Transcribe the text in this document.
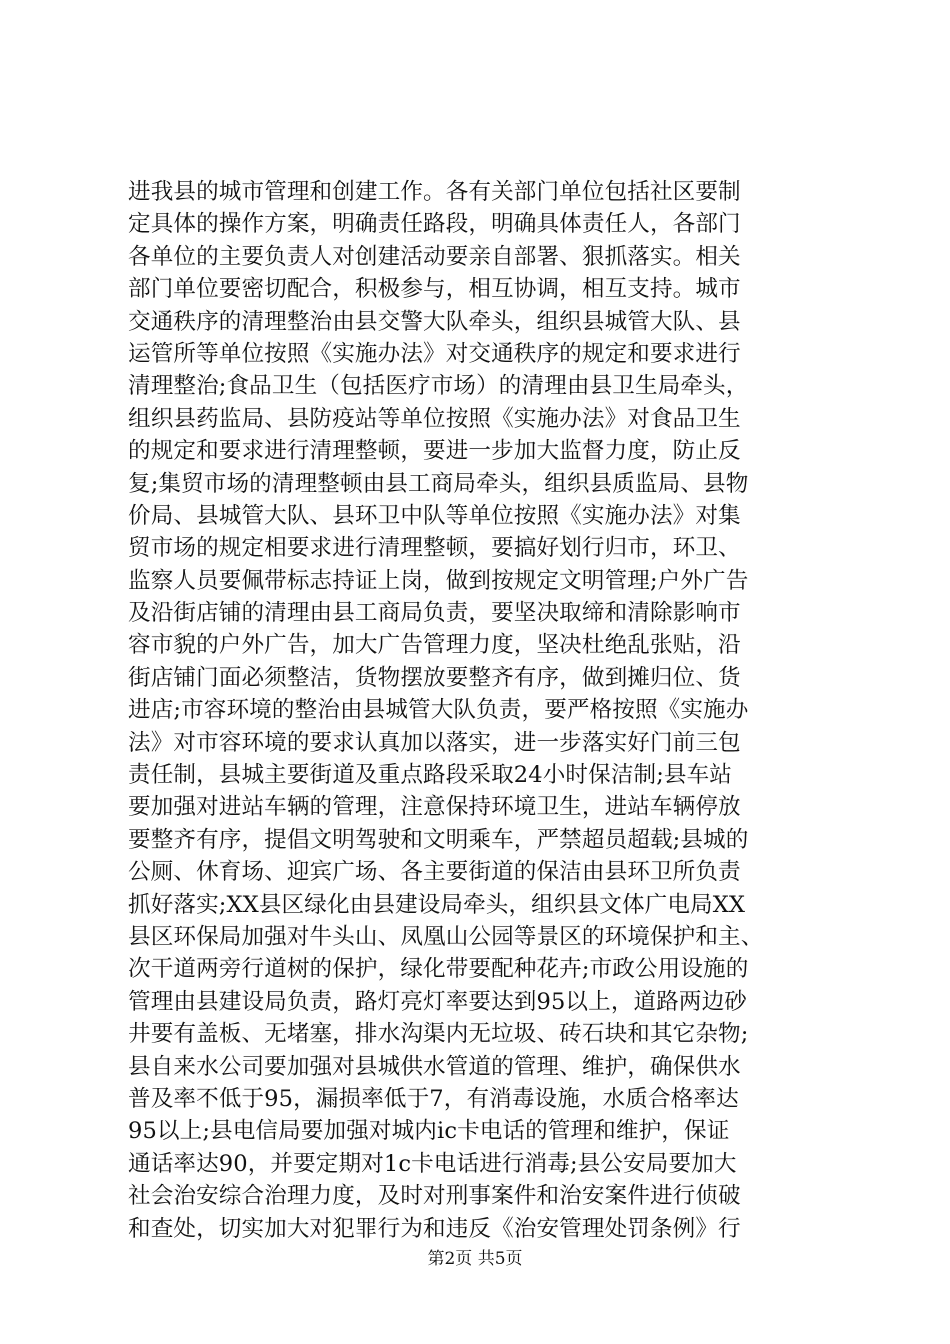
进我县的城市管理和创建工作。各有关部门单位包括社区要制
定具体的操作方案，明确责任路段，明确具体责任人，各部门
各单位的主要负责人对创建活动要亲自部署、狠抓落实。相关
部门单位要密切配合，积极参与，相互协调，相互支持。城市
交通秩序的清理整治由县交警大队牵头，组织县城管大队、县
运管所等单位按照《实施办法》对交通秩序的规定和要求进行
清理整治;食品卫生（包括医疗市场）的清理由县卫生局牵头，
组织县药监局、县防疫站等单位按照《实施办法》对食品卫生
的规定和要求进行清理整顿，要进一步加大监督力度，防止反
复;集贸市场的清理整顿由县工商局牵头，组织县质监局、县物
价局、县城管大队、县环卫中队等单位按照《实施办法》对集
贸市场的规定相要求进行清理整顿，要搞好划行归市，环卫、
监察人员要佩带标志持证上岗，做到按规定文明管理;户外广告
及沿街店铺的清理由县工商局负责，要坚决取缔和清除影响市
容市貌的户外广告，加大广告管理力度，坚决杜绝乱张贴，沿
街店铺门面必须整洁，货物摆放要整齐有序，做到摊归位、货
进店;市容环境的整治由县城管大队负责，要严格按照《实施办
法》对市容环境的要求认真加以落实，进一步落实好门前三包
责任制，县城主要街道及重点路段采取24小时保洁制;县车站
要加强对进站车辆的管理，注意保持环境卫生，进站车辆停放
要整齐有序，提倡文明驾驶和文明乘车，严禁超员超载;县城的
公厕、休育场、迎宾广场、各主要街道的保洁由县环卫所负责
抓好落实;XX县区绿化由县建设局牵头，组织县文体广电局XX
县区环保局加强对牛头山、凤凰山公园等景区的环境保护和主、
次干道两旁行道树的保护，绿化带要配种花卉;市政公用设施的
管理由县建设局负责，路灯亮灯率要达到95以上，道路两边砂
井要有盖板、无堵塞，排水沟渠内无垃圾、砖石块和其它杂物;
县自来水公司要加强对县城供水管道的管理、维护，确保供水
普及率不低于95，漏损率低于7，有消毒设施，水质合格率达
95以上;县电信局要加强对城内ic卡电话的管理和维护，保证
通话率达90，并要定期对1c卡电话进行消毒;县公安局要加大
社会治安综合治理力度，及时对刑事案件和治安案件进行侦破
和查处，切实加大对犯罪行为和违反《治安管理处罚条例》行
第2页 共5页
